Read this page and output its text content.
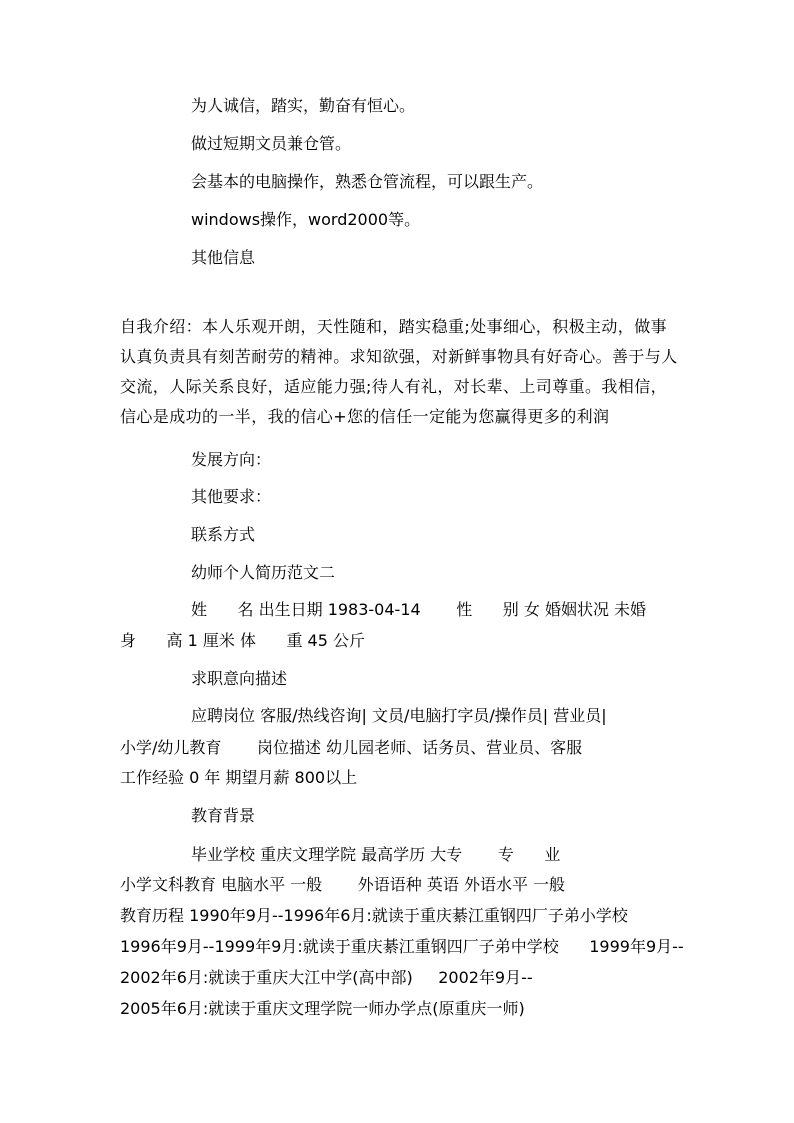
为人诚信，踏实，勤奋有恒心。
做过短期文员兼仓管。
会基本的电脑操作，熟悉仓管流程，可以跟生产。
windows操作，word2000等。
其他信息
自我介绍：本人乐观开朗，天性随和，踏实稳重;处事细心，积极主动，做事认真负责具有刻苦耐劳的精神。求知欲强，对新鲜事物具有好奇心。善于与人交流，人际关系良好，适应能力强;待人有礼，对长辈、上司尊重。我相信，信心是成功的一半，我的信心+您的信任一定能为您赢得更多的利润
发展方向：
其他要求：
联系方式
幼师个人简历范文二
姓      名 出生日期 1983-04-14       性      别 女 婚姻状况 未婚
身      高 1 厘米 体      重 45 公斤
求职意向描述
应聘岗位 客服/热线咨询| 文员/电脑打字员/操作员| 营业员|
小学/幼儿教育       岗位描述 幼儿园老师、话务员、营业员、客服
工作经验 0 年 期望月薪 800以上
教育背景
毕业学校 重庆文理学院 最高学历 大专       专      业
小学文科教育 电脑水平 一般       外语语种 英语 外语水平 一般
教育历程 1990年9月--1996年6月:就读于重庆綦江重钢四厂子弟小学校
1996年9月--1999年9月:就读于重庆綦江重钢四厂子弟中学校      1999年9月--
2002年6月:就读于重庆大江中学(高中部)     2002年9月--
2005年6月:就读于重庆文理学院一师办学点(原重庆一师)
